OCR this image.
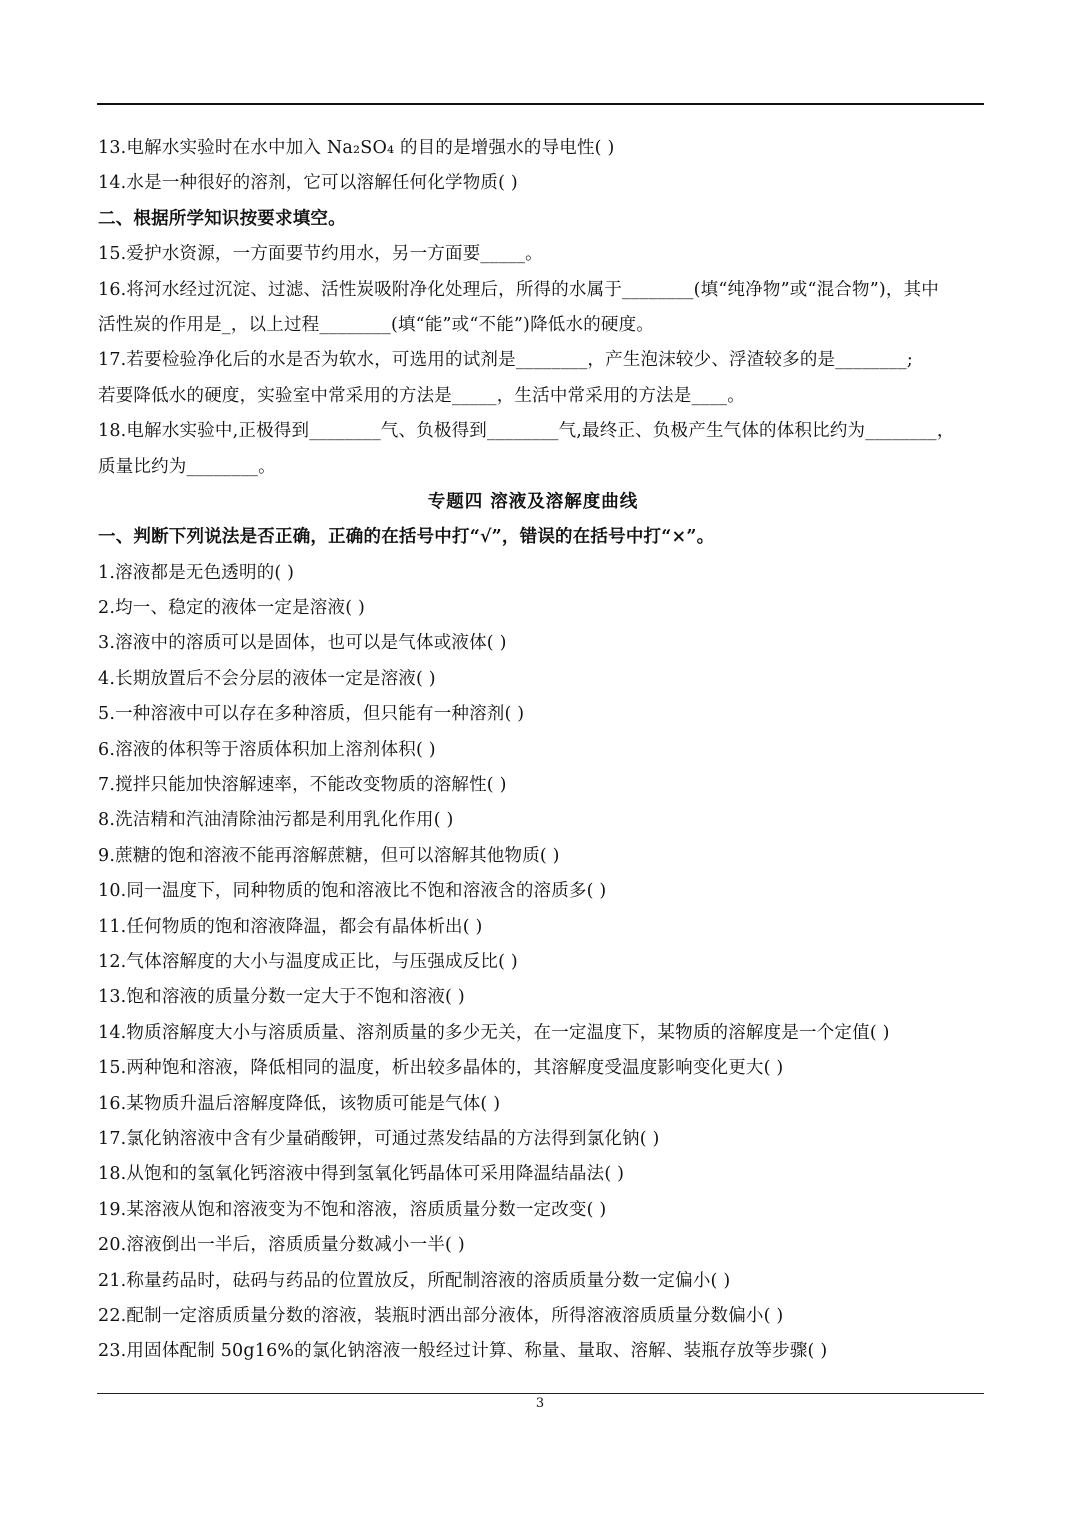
13.电解水实验时在水中加入 Na₂SO₄ 的目的是增强水的导电性( )
14.水是一种很好的溶剂，它可以溶解任何化学物质( )
二、根据所学知识按要求填空。
15.爱护水资源，一方面要节约用水，另一方面要_____。
16.将河水经过沉淀、过滤、活性炭吸附净化处理后，所得的水属于________(填“纯净物”或“混合物”)，其中
活性炭的作用是_，以上过程________(填“能”或“不能”)降低水的硬度。
17.若要检验净化后的水是否为软水，可选用的试剂是________，产生泡沫较少、浮渣较多的是________;
若要降低水的硬度，实验室中常采用的方法是_____，生活中常采用的方法是____。
18.电解水实验中,正极得到________气、负极得到________气,最终正、负极产生气体的体积比约为________，
质量比约为________。
专题四 溶液及溶解度曲线
一、判断下列说法是否正确，正确的在括号中打“√”，错误的在括号中打“×”。
1.溶液都是无色透明的( )
2.均一、稳定的液体一定是溶液( )
3.溶液中的溶质可以是固体，也可以是气体或液体( )
4.长期放置后不会分层的液体一定是溶液( )
5.一种溶液中可以存在多种溶质，但只能有一种溶剂( )
6.溶液的体积等于溶质体积加上溶剂体积( )
7.搅拌只能加快溶解速率，不能改变物质的溶解性( )
8.洗洁精和汽油清除油污都是利用乳化作用( )
9.蔗糖的饱和溶液不能再溶解蔗糖，但可以溶解其他物质( )
10.同一温度下，同种物质的饱和溶液比不饱和溶液含的溶质多( )
11.任何物质的饱和溶液降温，都会有晶体析出( )
12.气体溶解度的大小与温度成正比，与压强成反比( )
13.饱和溶液的质量分数一定大于不饱和溶液( )
14.物质溶解度大小与溶质质量、溶剂质量的多少无关，在一定温度下，某物质的溶解度是一个定值( )
15.两种饱和溶液，降低相同的温度，析出较多晶体的，其溶解度受温度影响变化更大( )
16.某物质升温后溶解度降低，该物质可能是气体( )
17.氯化钠溶液中含有少量硝酸钾，可通过蒸发结晶的方法得到氯化钠( )
18.从饱和的氢氧化钙溶液中得到氢氧化钙晶体可采用降温结晶法( )
19.某溶液从饱和溶液变为不饱和溶液，溶质质量分数一定改变( )
20.溶液倒出一半后，溶质质量分数减小一半( )
21.称量药品时，砝码与药品的位置放反，所配制溶液的溶质质量分数一定偏小( )
22.配制一定溶质质量分数的溶液，装瓶时洒出部分液体，所得溶液溶质质量分数偏小( )
23.用固体配制 50g16%的氯化钠溶液一般经过计算、称量、量取、溶解、装瓶存放等步骤( )
3
